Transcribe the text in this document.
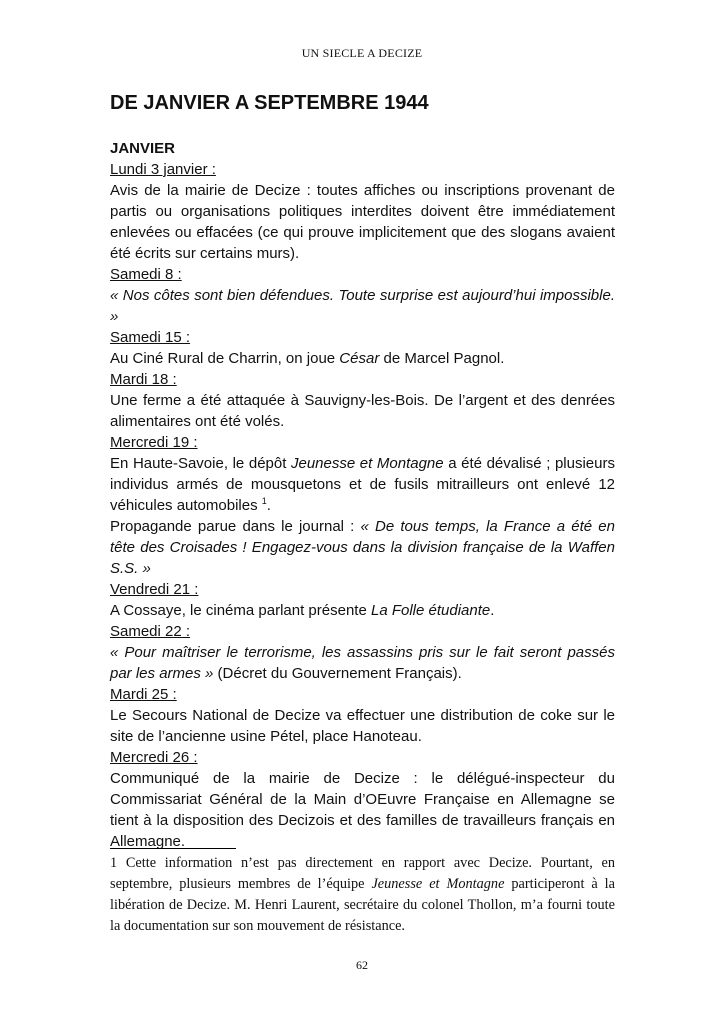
UN SIECLE A DECIZE
DE JANVIER A SEPTEMBRE 1944
JANVIER
Lundi 3 janvier :

Avis de la mairie de Decize : toutes affiches ou inscriptions provenant de partis ou organisations politiques interdites doivent être immédiatement enlevées ou effacées (ce qui prouve implicitement que des slogans avaient été écrits sur certains murs).

Samedi 8 :

« Nos côtes sont bien défendues. Toute surprise est aujourd’hui impossible. »

Samedi 15 :

Au Ciné Rural de Charrin, on joue César de Marcel Pagnol.

Mardi 18 :

Une ferme a été attaquée à Sauvigny-les-Bois. De l’argent et des denrées alimentaires ont été volés.

Mercredi 19 :

En Haute-Savoie, le dépôt Jeunesse et Montagne a été dévalisé ; plusieurs individus armés de mousquetons et de fusils mitrailleurs ont enlevé 12 véhicules automobiles $^1$.

Propagande parue dans le journal : « De tous temps, la France a été en tête des Croisades ! Engagez-vous dans la division française de la Waffen S.S. »

Vendredi 21 :

A Cossaye, le cinéma parlant présente La Folle étudiante.

Samedi 22 :

« Pour maîtriser le terrorisme, les assassins pris sur le fait seront passés par les armes » (Décret du Gouvernement Français).

Mardi 25 :

Le Secours National de Decize va effectuer une distribution de coke sur le site de l’ancienne usine Pétel, place Hanoteau.

Mercredi 26 :

Communiqué de la mairie de Decize : le délégué-inspecteur du Commissariat Général de la Main d’OEuvre Française en Allemagne se tient à la disposition des Decizois et des familles de travailleurs français en Allemagne.

1 Cette information n’est pas directement en rapport avec Decize. Pourtant, en septembre, plusieurs membres de l’équipe Jeunesse et Montagne participeront à la libération de Decize. M. Henri Laurent, secrétaire du colonel Thollon, m’a fourni toute la documentation sur son mouvement de résistance.
62
